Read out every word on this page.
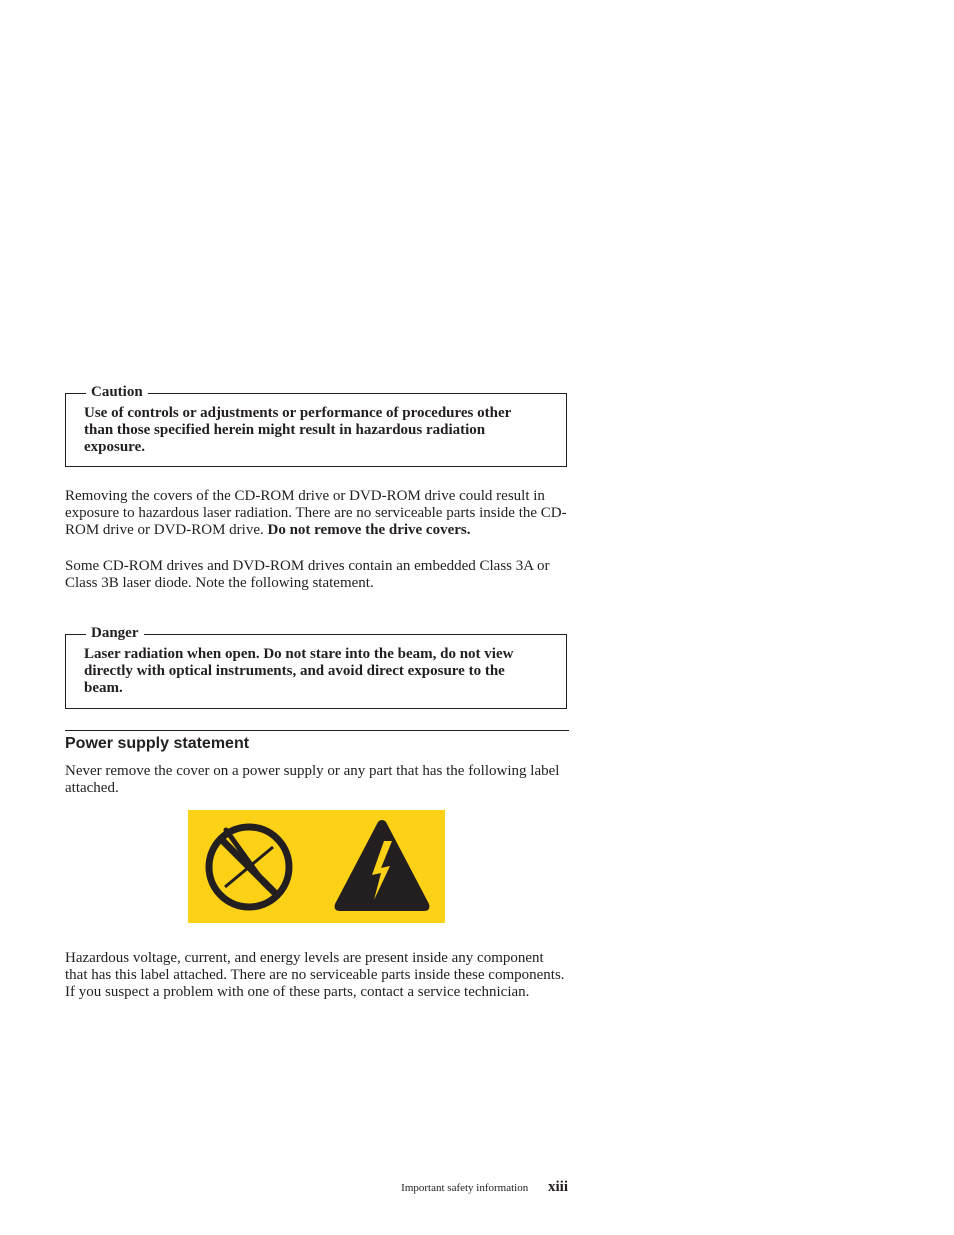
Caution
Use of controls or adjustments or performance of procedures other than those specified herein might result in hazardous radiation exposure.

Removing the covers of the CD-ROM drive or DVD-ROM drive could result in exposure to hazardous laser radiation. There are no serviceable parts inside the CD-ROM drive or DVD-ROM drive. Do not remove the drive covers.

Some CD-ROM drives and DVD-ROM drives contain an embedded Class 3A or Class 3B laser diode. Note the following statement.

Danger
Laser radiation when open. Do not stare into the beam, do not view directly with optical instruments, and avoid direct exposure to the beam.
Power supply statement

Never remove the cover on a power supply or any part that has the following label attached.

Hazardous voltage, current, and energy levels are present inside any component that has this label attached. There are no serviceable parts inside these components. If you suspect a problem with one of these parts, contact a service technician.

Important safety information xiii
